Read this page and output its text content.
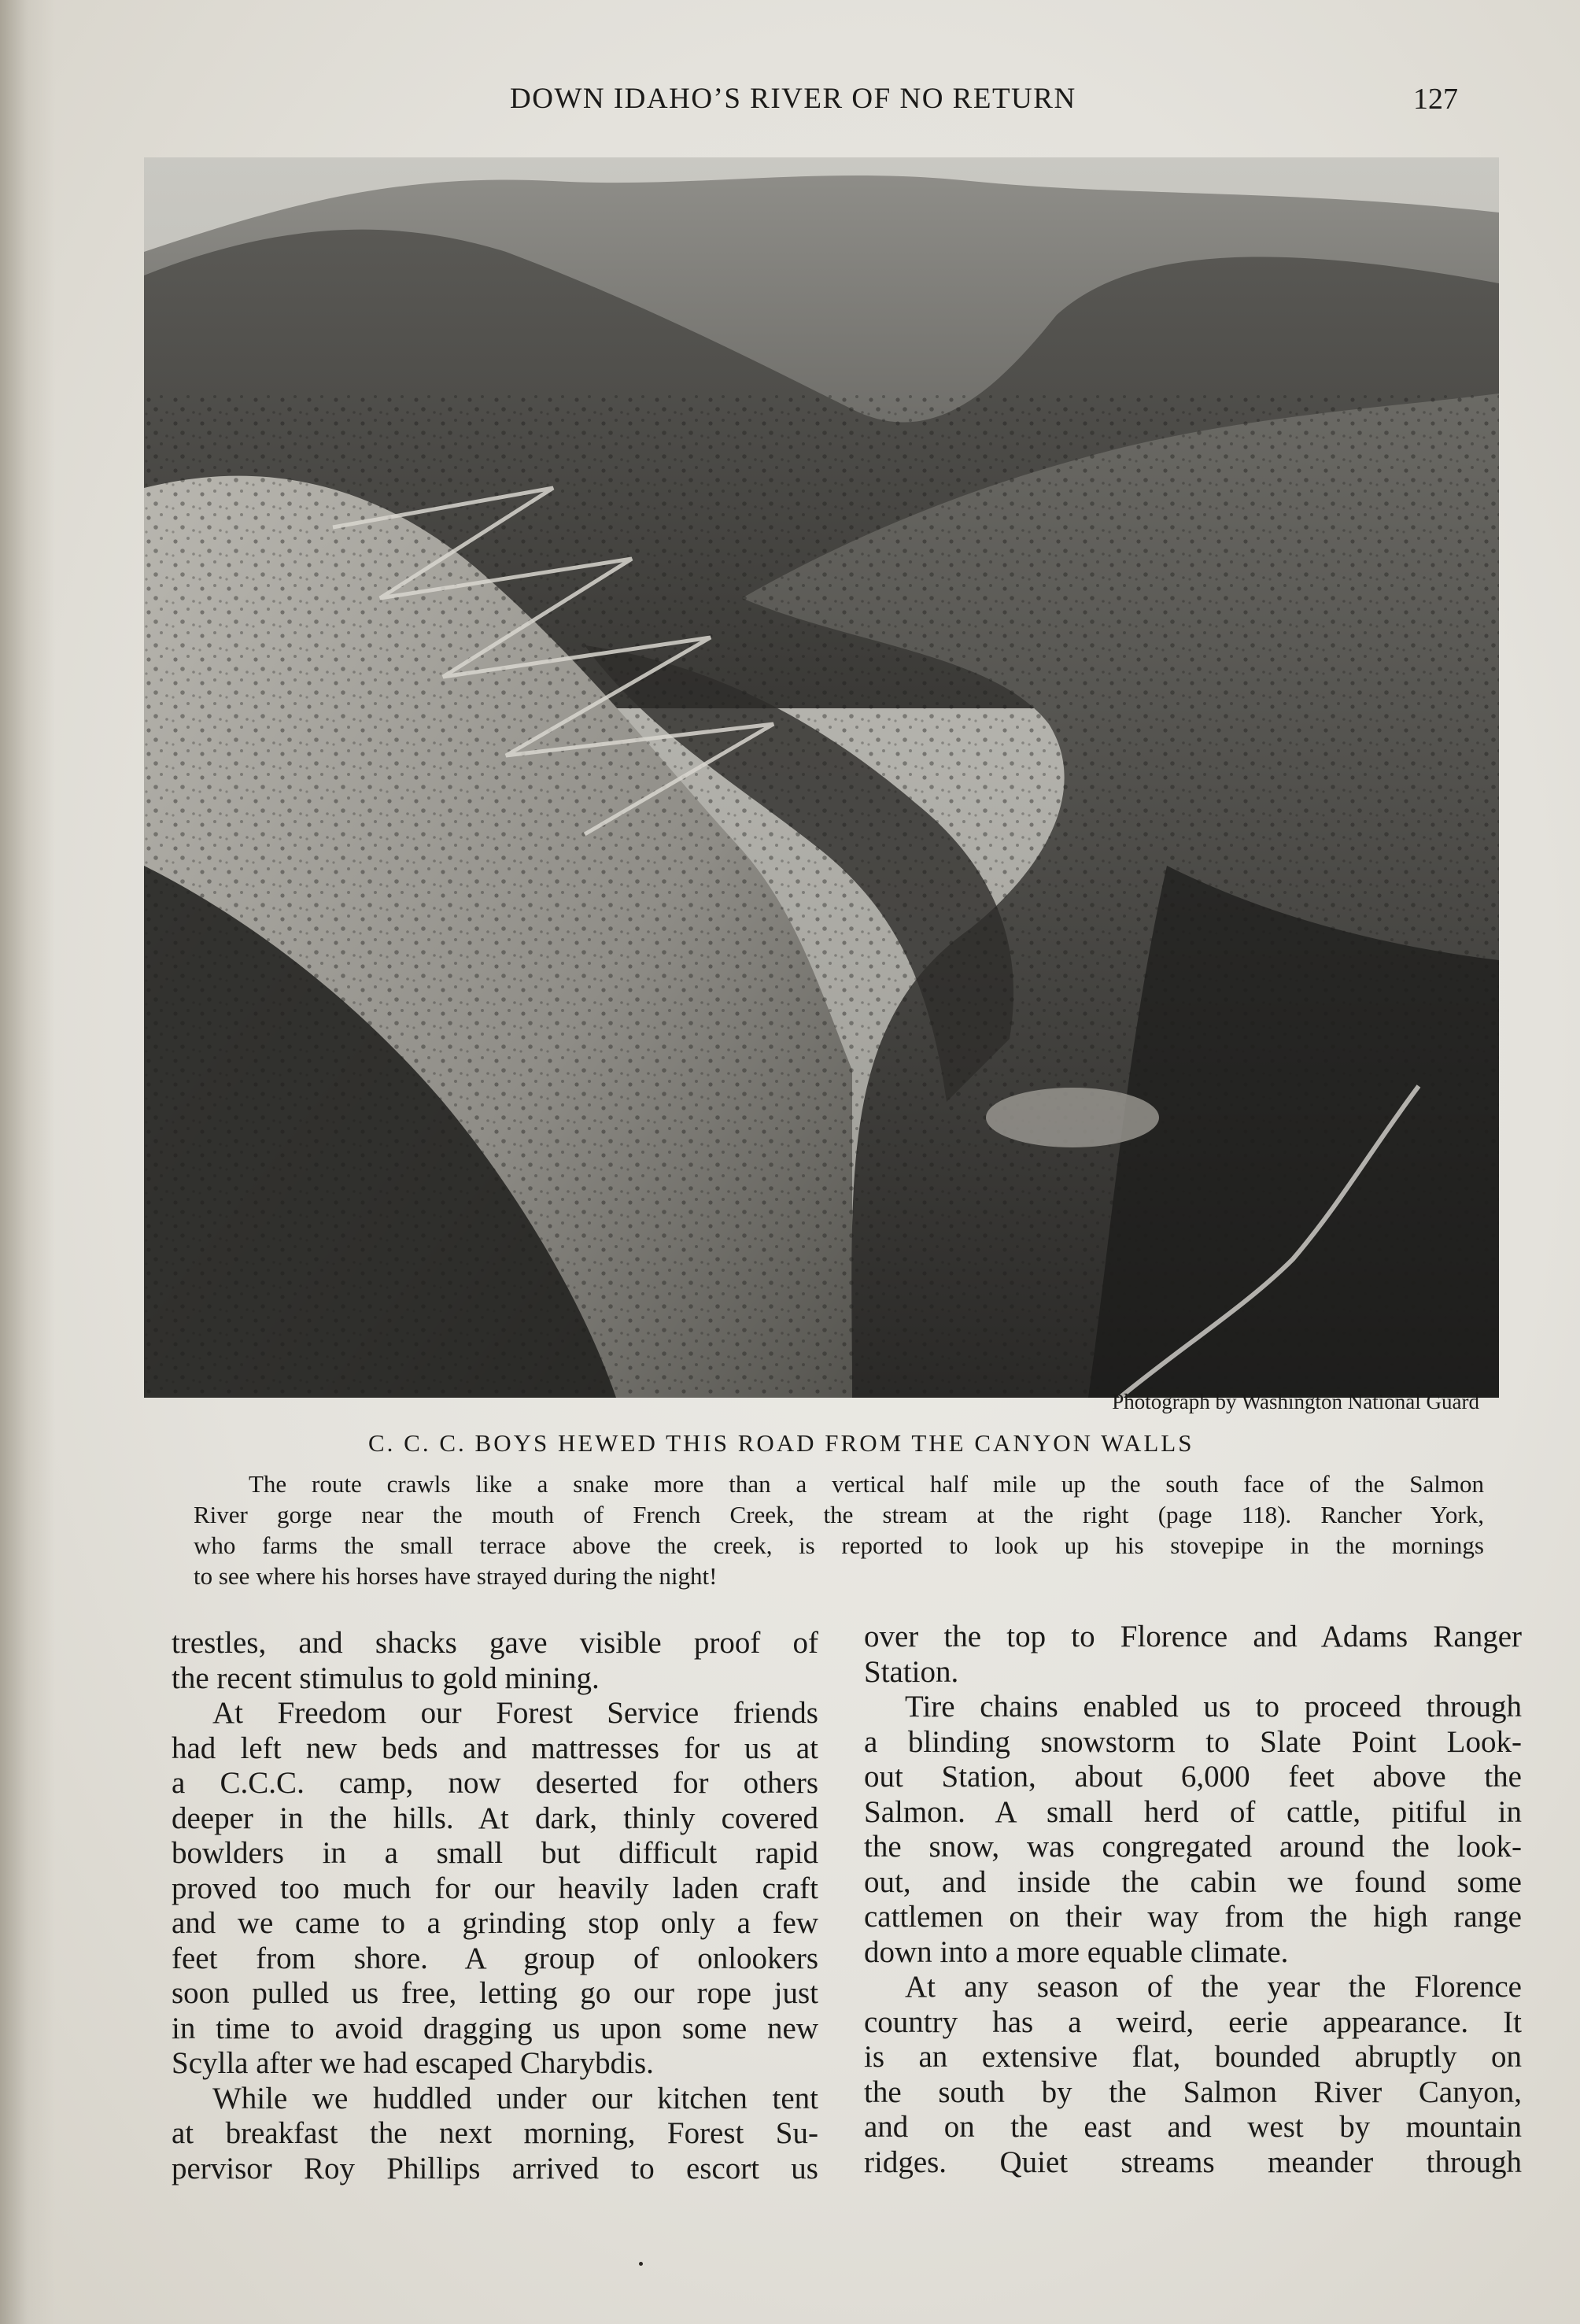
DOWN IDAHO’S RIVER OF NO RETURN	127
Photograph by Washington National Guard
C. C. C. BOYS HEWED THIS ROAD FROM THE CANYON WALLS
The route crawls like a snake more than a vertical half mile up the south face of the Salmon
River gorge near the mouth of French Creek, the stream at the right (page 118). Rancher York,
who farms the small terrace above the creek, is reported to look up his stovepipe in the mornings
to see where his horses have strayed during the night!
trestles, and shacks gave visible proof of
the recent stimulus to gold mining.
At Freedom our Forest Service friends
had left new beds and mattresses for us at
a C.C.C. camp, now deserted for others
deeper in the hills. At dark, thinly covered
bowlders in a small but difficult rapid
proved too much for our heavily laden craft
and we came to a grinding stop only a few
feet from shore. A group of onlookers
soon pulled us free, letting go our rope just
in time to avoid dragging us upon some new
Scylla after we had escaped Charybdis.
While we huddled under our kitchen tent
at breakfast the next morning, Forest Su-
pervisor Roy Phillips arrived to escort us
over the top to Florence and Adams Ranger
Station.
Tire chains enabled us to proceed through
a blinding snowstorm to Slate Point Look-
out Station, about 6,000 feet above the
Salmon. A small herd of cattle, pitiful in
the snow, was congregated around the look-
out, and inside the cabin we found some
cattlemen on their way from the high range
down into a more equable climate.
At any season of the year the Florence
country has a weird, eerie appearance. It
is an extensive flat, bounded abruptly on
the south by the Salmon River Canyon,
and on the east and west by mountain
ridges. Quiet streams meander through
